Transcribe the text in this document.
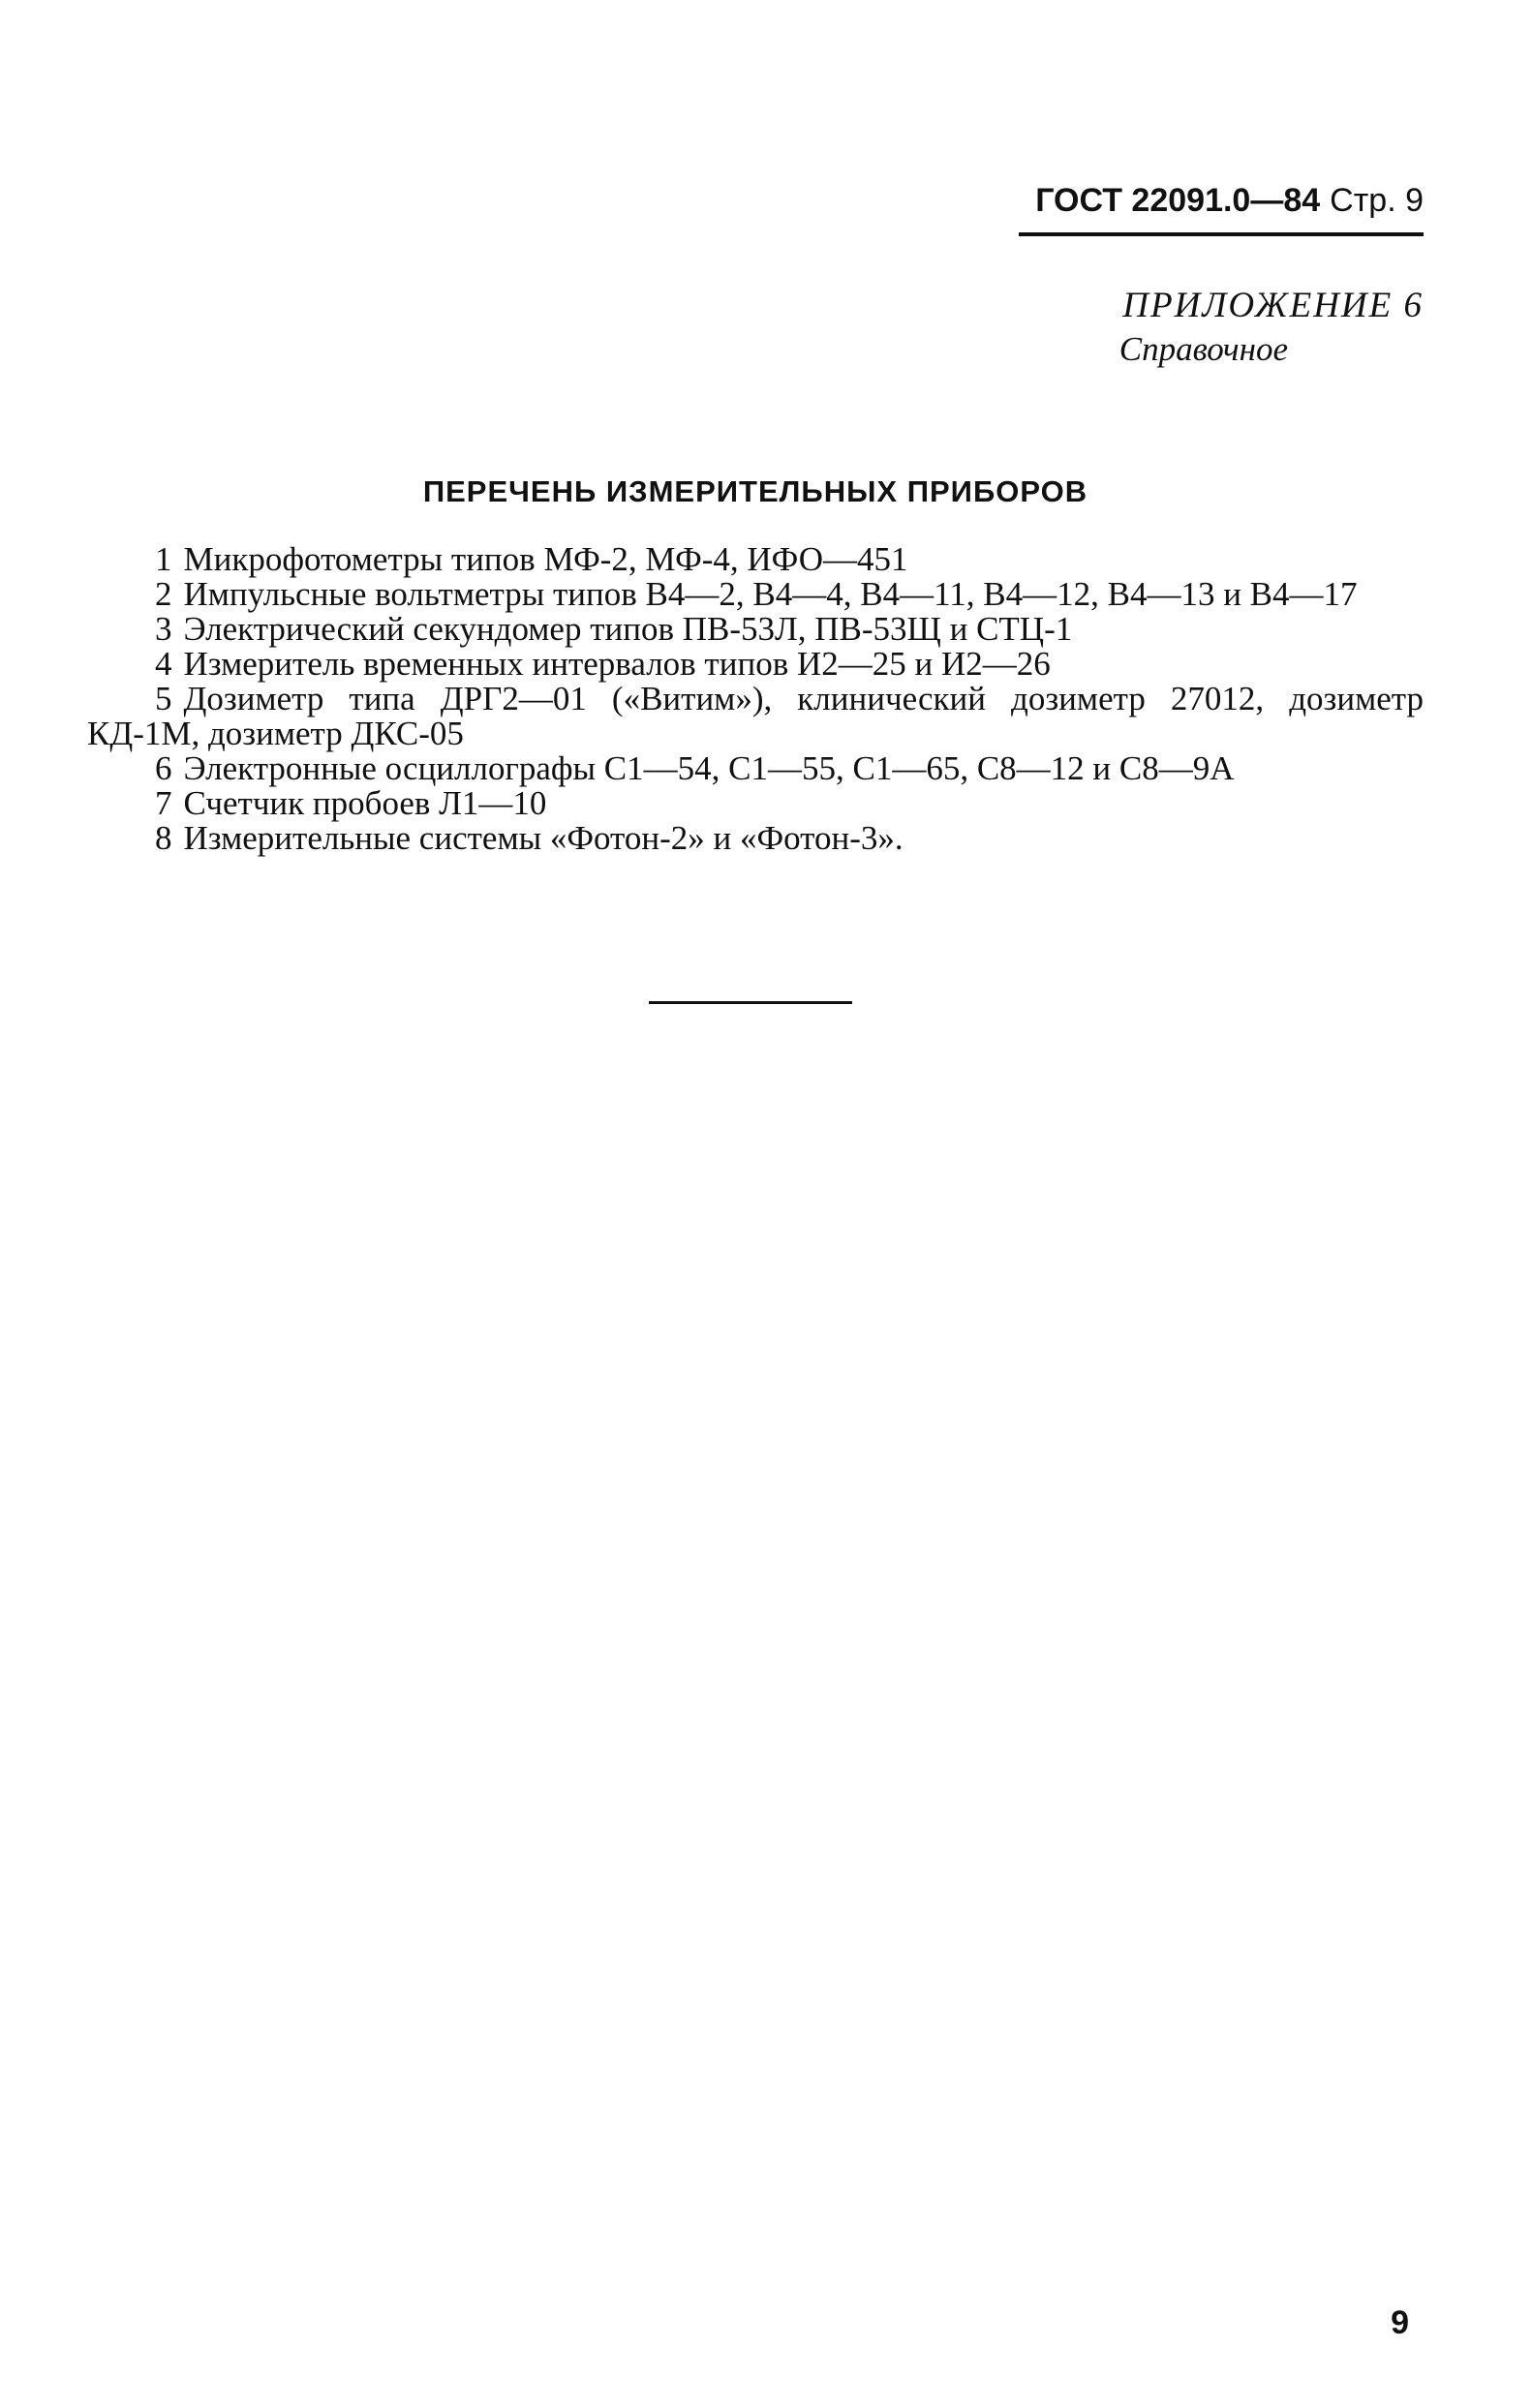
ГОСТ 22091.0—84 Стр. 9
ПРИЛОЖЕНИЕ 6
Справочное
ПЕРЕЧЕНЬ ИЗМЕРИТЕЛЬНЫХ ПРИБОРОВ

1 Микрофотометры типов МФ-2, МФ-4, ИФО—451

2 Импульсные вольтметры типов В4—2, В4—4, В4—11, В4—12, В4—13 и В4—17

3 Электрический секундомер типов ПВ-53Л, ПВ-53Щ и СТЦ-1

4 Измеритель временных интервалов типов И2—25 и И2—26

5 Дозиметр типа ДРГ2—01 («Витим»), клинический дозиметр 27012, дозиметр КД-1М, дозиметр ДКС-05

6 Электронные осциллографы С1—54, С1—55, С1—65, С8—12 и С8—9А

7 Счетчик пробоев Л1—10

8 Измерительные системы «Фотон-2» и «Фотон-3».

9
